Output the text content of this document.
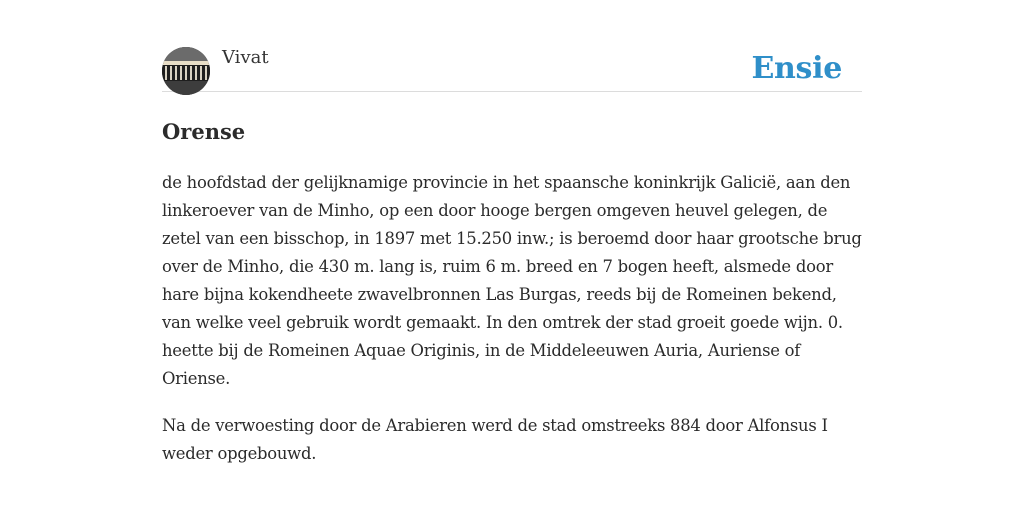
Vivat	Ensie
Orense

de hoofdstad der gelijknamige provincie in het spaansche koninkrijk Galicië, aan den linkeroever van de Minho, op een door hooge bergen omgeven heuvel gelegen, de zetel van een bisschop, in 1897 met 15.250 inw.; is beroemd door haar grootsche brug over de Minho, die 430 m. lang is, ruim 6 m. breed en 7 bogen heeft, alsmede door hare bijna kokendheete zwavelbronnen Las Burgas, reeds bij de Romeinen bekend, van welke veel gebruik wordt gemaakt. In den omtrek der stad groeit goede wijn. 0. heette bij de Romeinen Aquae Originis, in de Middeleeuwen Auria, Auriense of Oriense.

Na de verwoesting door de Arabieren werd de stad omstreeks 884 door Alfonsus I weder opgebouwd.
